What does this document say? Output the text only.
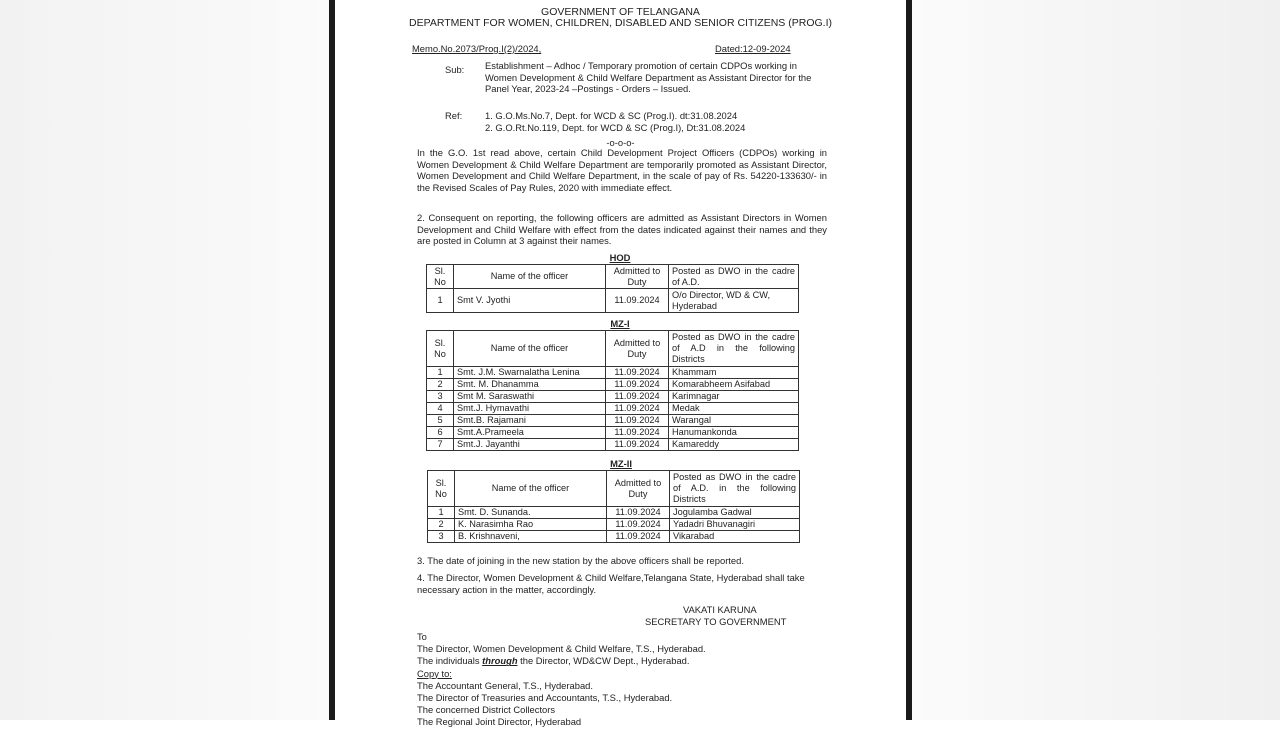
GOVERNMENT OF TELANGANA
DEPARTMENT FOR WOMEN, CHILDREN, DISABLED AND SENIOR CITIZENS (PROG.I)
Memo.No.2073/Prog.I(2)/2024,	Dated:12-09-2024
Sub: Establishment – Adhoc / Temporary promotion of certain CDPOs working in Women Development & Child Welfare Department as Assistant Director for the Panel Year, 2023-24 –Postings - Orders – Issued.
Ref: 1. G.O.Ms.No.7, Dept. for WCD & SC (Prog.I). dt:31.08.2024
2. G.O.Rt.No.119, Dept. for WCD & SC (Prog.I), Dt:31.08.2024
-o-o-o-
In the G.O. 1st read above, certain Child Development Project Officers (CDPOs) working in Women Development & Child Welfare Department are temporarily promoted as Assistant Director, Women Development and Child Welfare Department, in the scale of pay of Rs. 54220-133630/- in the Revised Scales of Pay Rules, 2020 with immediate effect.
2. Consequent on reporting, the following officers are admitted as Assistant Directors in Women Development and Child Welfare with effect from the dates indicated against their names and they are posted in Column at 3 against their names.
HOD
Sl. No	Name of the officer	Admitted to Duty	Posted as DWO in the cadre of A.D.
1	Smt V. Jyothi	11.09.2024	O/o Director, WD & CW, Hyderabad
MZ-I
Sl. No	Name of the officer	Admitted to Duty	Posted as DWO in the cadre of A.D in the following Districts
1	Smt. J.M. Swarnalatha Lenina	11.09.2024	Khammam
2	Smt. M. Dhanamma	11.09.2024	Komarabheem Asifabad
3	Smt M. Saraswathi	11.09.2024	Karimnagar
4	Smt.J. Hymavathi	11.09.2024	Medak
5	Smt.B. Rajamani	11.09.2024	Warangal
6	Smt.A.Prameela	11.09.2024	Hanumankonda
7	Smt.J. Jayanthi	11.09.2024	Kamareddy
MZ-II
Sl. No	Name of the officer	Admitted to Duty	Posted as DWO in the cadre of A.D. in the following Districts
1	Smt. D. Sunanda.	11.09.2024	Jogulamba Gadwal
2	K. Narasimha Rao	11.09.2024	Yadadri Bhuvanagiri
3	B. Krishnaveni,	11.09.2024	Vikarabad
3. The date of joining in the new station by the above officers shall be reported.
4. The Director, Women Development & Child Welfare,Telangana State, Hyderabad shall take necessary action in the matter, accordingly.
VAKATI KARUNA
SECRETARY TO GOVERNMENT
To
The Director, Women Development & Child Welfare, T.S., Hyderabad.
The individuals through the Director, WD&CW Dept., Hyderabad.
Copy to:
The Accountant General, T.S., Hyderabad.
The Director of Treasuries and Accountants, T.S., Hyderabad.
The concerned District Collectors
The Regional Joint Director, Hyderabad
